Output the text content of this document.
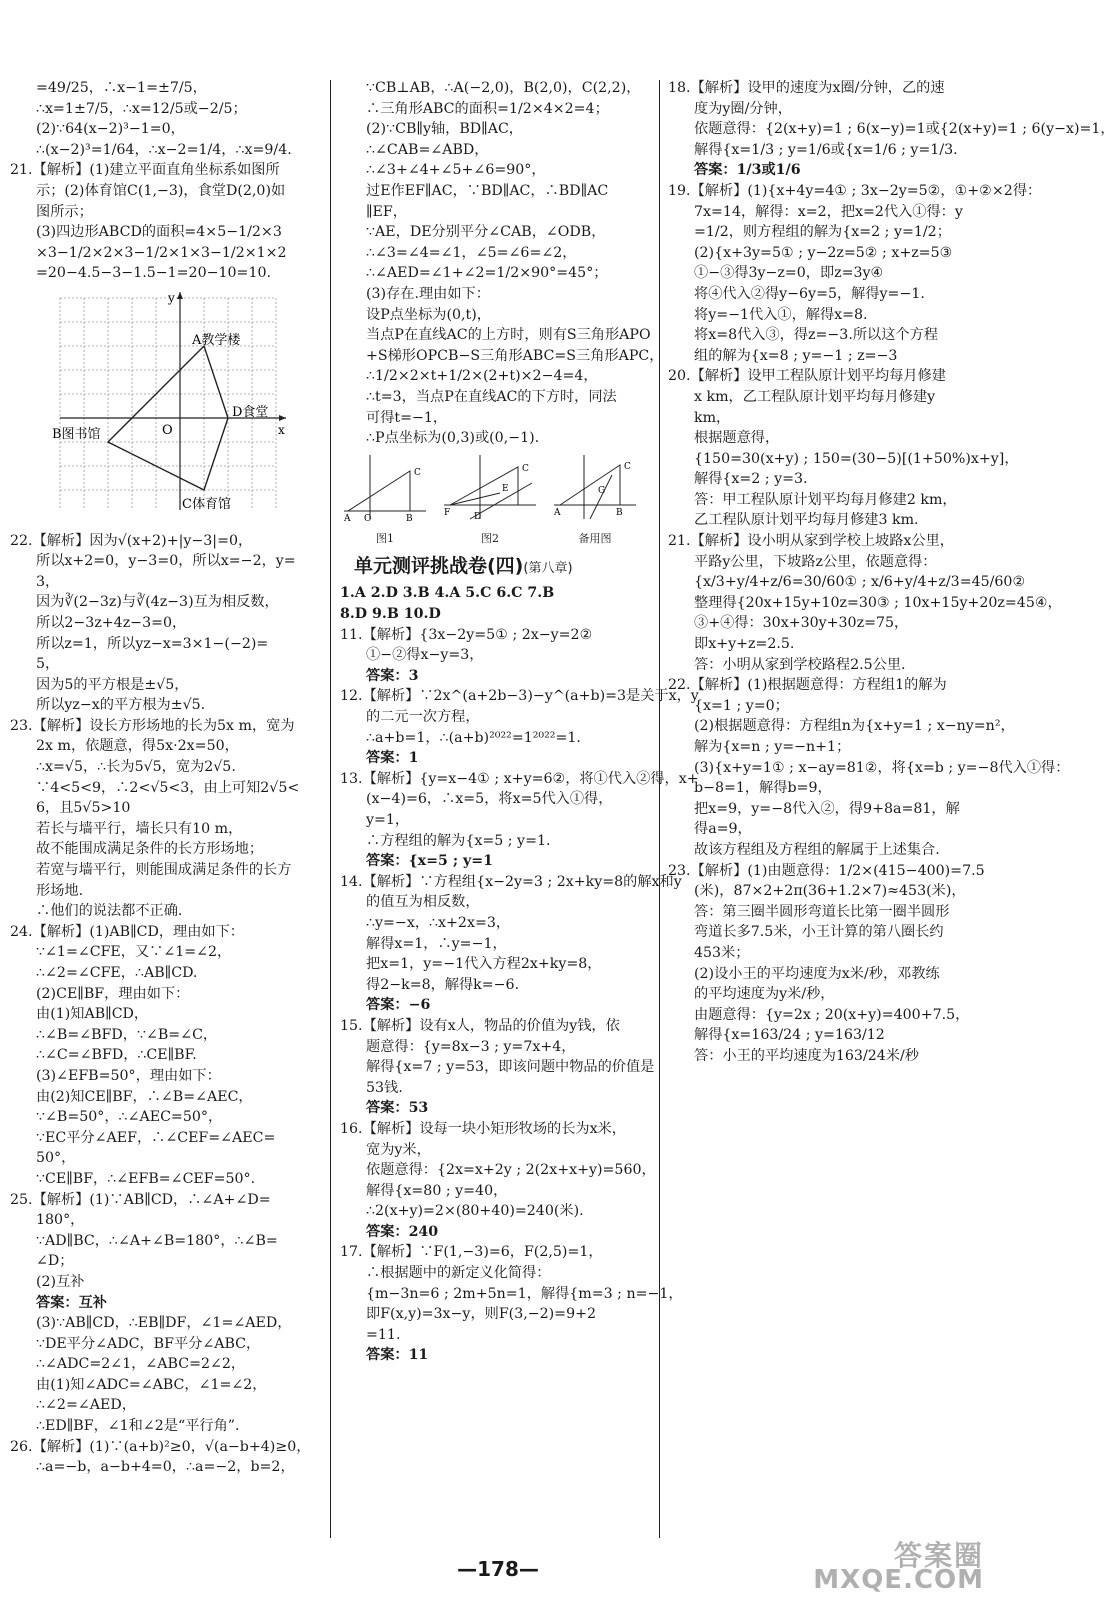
=49/25，∴x−1=±7/5，
∴x=1±7/5，∴x=12/5或−2/5；
(2)∵64(x−2)³−1=0，
∴(x−2)³=1/64，∴x−2=1/4，∴x=9/4.
21.【解析】(1)建立平面直角坐标系如图所
示；(2)体育馆C(1,−3)，食堂D(2,0)如
图所示；
(3)四边形ABCD的面积=4×5−1/2×3
×3−1/2×2×3−1/2×1×3−1/2×1×2
=20−4.5−3−1.5−1=20−10=10.
A教学楼
B图书馆
C体育馆
D食堂
O	x
y
22.【解析】因为√(x+2)+|y−3|=0，
所以x+2=0，y−3=0，所以x=−2，y=
3，
因为∛(2−3z)与∛(4z−3)互为相反数，
所以2−3z+4z−3=0，
所以z=1，所以yz−x=3×1−(−2)=
5，
因为5的平方根是±√5，
所以yz−x的平方根为±√5.
23.【解析】设长方形场地的长为5x m，宽为
2x m，依题意，得5x·2x=50，
∴x=√5，∴长为5√5，宽为2√5.
∵4<5<9，∴2<√5<3，由上可知2√5<
6，且5√5>10
若长与墙平行，墙长只有10 m，
故不能围成满足条件的长方形场地；
若宽与墙平行，则能围成满足条件的长方
形场地.
∴他们的说法都不正确.
24.【解析】(1)AB∥CD，理由如下：
∵∠1=∠CFE，又∵∠1=∠2，
∴∠2=∠CFE，∴AB∥CD.
(2)CE∥BF，理由如下：
由(1)知AB∥CD，
∴∠B=∠BFD，∵∠B=∠C，
∴∠C=∠BFD，∴CE∥BF.
(3)∠EFB=50°，理由如下：
由(2)知CE∥BF，∴∠B=∠AEC，
∵∠B=50°，∴∠AEC=50°，
∵EC平分∠AEF，∴∠CEF=∠AEC=
50°，
∵CE∥BF，∴∠EFB=∠CEF=50°.
25.【解析】(1)∵AB∥CD，∴∠A+∠D=
180°，
∵AD∥BC，∴∠A+∠B=180°，∴∠B=
∠D；
(2)互补
答案：互补
(3)∵AB∥CD，∴EB∥DF，∠1=∠AED，
∵DE平分∠ADC，BF平分∠ABC，
∴∠ADC=2∠1，∠ABC=2∠2，
由(1)知∠ADC=∠ABC，∠1=∠2，
∴∠2=∠AED，
∴ED∥BF，∠1和∠2是“平行角”.
26.【解析】(1)∵(a+b)²≥0，√(a−b+4)≥0，
∴a=−b，a−b+4=0，∴a=−2，b=2，
∵CB⊥AB，∴A(−2,0)，B(2,0)，C(2,2)，
∴三角形ABC的面积=1/2×4×2=4；
(2)∵CB∥y轴，BD∥AC，
∴∠CAB=∠ABD，
∴∠3+∠4+∠5+∠6=90°，
过E作EF∥AC，∵BD∥AC，∴BD∥AC
∥EF，
∵AE，DE分别平分∠CAB，∠ODB，
∴∠3=∠4=∠1，∠5=∠6=∠2，
∴∠AED=∠1+∠2=1/2×90°=45°；
(3)存在.理由如下：
设P点坐标为(0,t)，
当点P在直线AC的上方时，则有S三角形APO
+S梯形OPCB−S三角形ABC=S三角形APC，
∴1/2×2×t+1/2×(2+t)×2−4=4，
∴t=3，当点P在直线AC的下方时，同法
可得t=−1，
∴P点坐标为(0,3)或(0,−1).
C
A	B
O
图1
C
E
F	D
图2
C
G
A	B
备用图
单元测评挑战卷(四)(第八章)
1.A 2.D 3.B 4.A 5.C 6.C 7.B
8.D 9.B 10.D
11.【解析】{3x−2y=5① ; 2x−y=2②
①−②得x−y=3，
答案：3
12.【解析】∵2x^(a+2b−3)−y^(a+b)=3是关于x，y
的二元一次方程，
∴a+b=1，∴(a+b)²⁰²²=1²⁰²²=1.
答案：1
13.【解析】{y=x−4① ; x+y=6②，将①代入②得，x+
(x−4)=6，∴x=5，将x=5代入①得，
y=1，
∴方程组的解为{x=5 ; y=1.
答案：{x=5 ; y=1
14.【解析】∵方程组{x−2y=3 ; 2x+ky=8的解x和y
的值互为相反数，
∴y=−x，∴x+2x=3，
解得x=1，∴y=−1，
把x=1，y=−1代入方程2x+ky=8，
得2−k=8，解得k=−6.
答案：−6
15.【解析】设有x人，物品的价值为y钱，依
题意得：{y=8x−3 ; y=7x+4，
解得{x=7 ; y=53，即该问题中物品的价值是
53钱.
答案：53
16.【解析】设每一块小矩形牧场的长为x米，
宽为y米，
依题意得：{2x=x+2y ; 2(2x+x+y)=560，
解得{x=80 ; y=40，
∴2(x+y)=2×(80+40)=240(米).
答案：240
17.【解析】∵F(1,−3)=6，F(2,5)=1，
∴根据题中的新定义化简得：
{m−3n=6 ; 2m+5n=1，解得{m=3 ; n=−1，
即F(x,y)=3x−y，则F(3,−2)=9+2
=11.
答案：11
18.【解析】设甲的速度为x圈/分钟，乙的速
度为y圈/分钟，
依题意得：{2(x+y)=1 ; 6(x−y)=1或{2(x+y)=1 ; 6(y−x)=1，
解得{x=1/3 ; y=1/6或{x=1/6 ; y=1/3.
答案：1/3或1/6
19.【解析】(1){x+4y=4① ; 3x−2y=5②，①+②×2得：
7x=14，解得：x=2，把x=2代入①得：y
=1/2，则方程组的解为{x=2 ; y=1/2；
(2){x+3y=5① ; y−2z=5② ; x+z=5③
①−③得3y−z=0，即z=3y④
将④代入②得y−6y=5，解得y=−1.
将y=−1代入①，解得x=8.
将x=8代入③，得z=−3.所以这个方程
组的解为{x=8 ; y=−1 ; z=−3
20.【解析】设甲工程队原计划平均每月修建
x km，乙工程队原计划平均每月修建y
km，
根据题意得，
{150=30(x+y) ; 150=(30−5)[(1+50%)x+y]，
解得{x=2 ; y=3.
答：甲工程队原计划平均每月修建2 km，
乙工程队原计划平均每月修建3 km.
21.【解析】设小明从家到学校上坡路x公里，
平路y公里，下坡路z公里，依题意得：
{x/3+y/4+z/6=30/60① ; x/6+y/4+z/3=45/60②
整理得{20x+15y+10z=30③ ; 10x+15y+20z=45④，
③+④得：30x+30y+30z=75，
即x+y+z=2.5.
答：小明从家到学校路程2.5公里.
22.【解析】(1)根据题意得：方程组1的解为
{x=1 ; y=0；
(2)根据题意得：方程组n为{x+y=1 ; x−ny=n²，
解为{x=n ; y=−n+1；
(3){x+y=1① ; x−ay=81②，将{x=b ; y=−8代入①得：
b−8=1，解得b=9，
把x=9，y=−8代入②，得9+8a=81，解
得a=9，
故该方程组及方程组的解属于上述集合.
23.【解析】(1)由题意得：1/2×(415−400)=7.5
(米)，87×2+2π(36+1.2×7)≈453(米)，
答：第三圈半圆形弯道长比第一圈半圆形
弯道长多7.5米，小王计算的第八圈长约
453米；
(2)设小王的平均速度为x米/秒，邓教练
的平均速度为y米/秒，
由题意得：{y=2x ; 20(x+y)=400+7.5，
解得{x=163/24 ; y=163/12
答：小王的平均速度为163/24米/秒
—178—	答案圈
MXQE.COM
